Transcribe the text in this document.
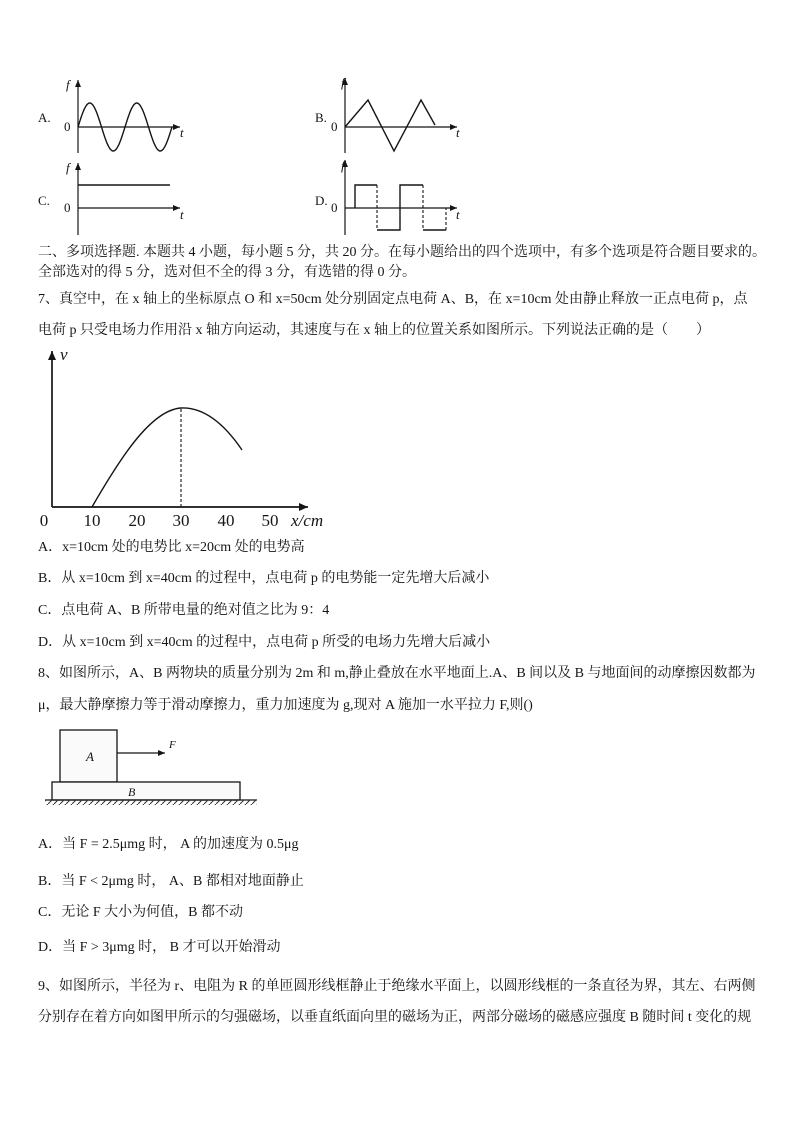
A.
f
0	t
B.
f
0	t
C.
f
0	t
D.
f
0	t
v
0 10 20 30 40 50 x/cm
A
F
B
二、多项选择题. 本题共 4 小题，每小题 5 分，共 20 分。在每小题给出的四个选项中，有多个选项是符合题目要求的。
全部选对的得 5 分，选对但不全的得 3 分，有选错的得 0 分。
7、真空中，在 x 轴上的坐标原点 O 和 x=50cm 处分别固定点电荷 A、B，在 x=10cm 处由静止释放一正点电荷 p，点
电荷 p 只受电场力作用沿 x 轴方向运动，其速度与在 x 轴上的位置关系如图所示。下列说法正确的是（　　）
A．x=10cm 处的电势比 x=20cm 处的电势高
B．从 x=10cm 到 x=40cm 的过程中，点电荷 p 的电势能一定先增大后减小
C．点电荷 A、B 所带电量的绝对值之比为 9：4
D．从 x=10cm 到 x=40cm 的过程中，点电荷 p 所受的电场力先增大后减小
8、如图所示，A、B 两物块的质量分别为 2m 和 m,静止叠放在水平地面上.A、B 间以及 B 与地面间的动摩擦因数都为
μ，最大静摩擦力等于滑动摩擦力，重力加速度为 g,现对 A 施加一水平拉力 F,则()
A．当 F = 2.5μmg 时， A 的加速度为 0.5μg
B．当 F < 2μmg 时， A、B 都相对地面静止
C．无论 F 大小为何值，B 都不动
D．当 F > 3μmg 时， B 才可以开始滑动
9、如图所示，半径为 r、电阻为 R 的单匝圆形线框静止于绝缘水平面上，以圆形线框的一条直径为界，其左、右两侧
分别存在着方向如图甲所示的匀强磁场，以垂直纸面向里的磁场为正，两部分磁场的磁感应强度 B 随时间 t 变化的规
